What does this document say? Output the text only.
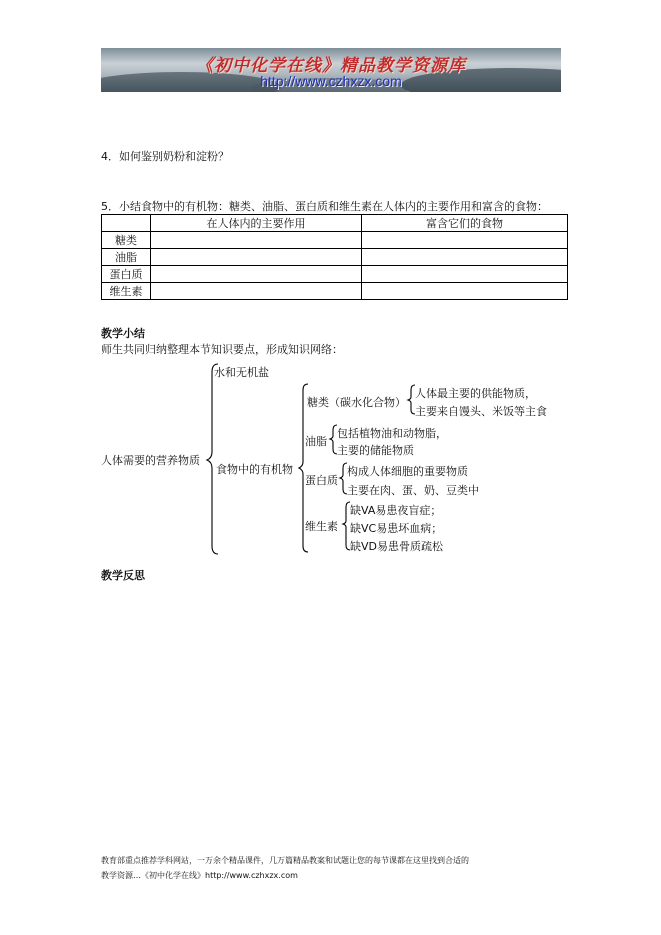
《初中化学在线》精品教学资源库
http://www.czhxzx.com
4．如何鉴别奶粉和淀粉？
5．小结食物中的有机物：糖类、油脂、蛋白质和维生素在人体内的主要作用和富含的食物：
	在人体内的主要作用	富含它们的食物
糖类		
油脂		
蛋白质		
维生素		
教学小结
师生共同归纳整理本节知识要点，形成知识网络：
人体需要的营养物质
水和无机盐
食物中的有机物
糖类（碳水化合物）
人体最主要的供能物质，
主要来自馒头、米饭等主食
油脂
包括植物油和动物脂，
主要的储能物质
蛋白质
构成人体细胞的重要物质
主要在肉、蛋、奶、豆类中
维生素
缺VA易患夜盲症；
缺VC易患坏血病；
缺VD易患骨质疏松
教学反思
教育部重点推荐学科网站，一万余个精品课件，几万篇精品教案和试题让您的每节课都在这里找到合适的
教学资源…《初中化学在线》http://www.czhxzx.com
